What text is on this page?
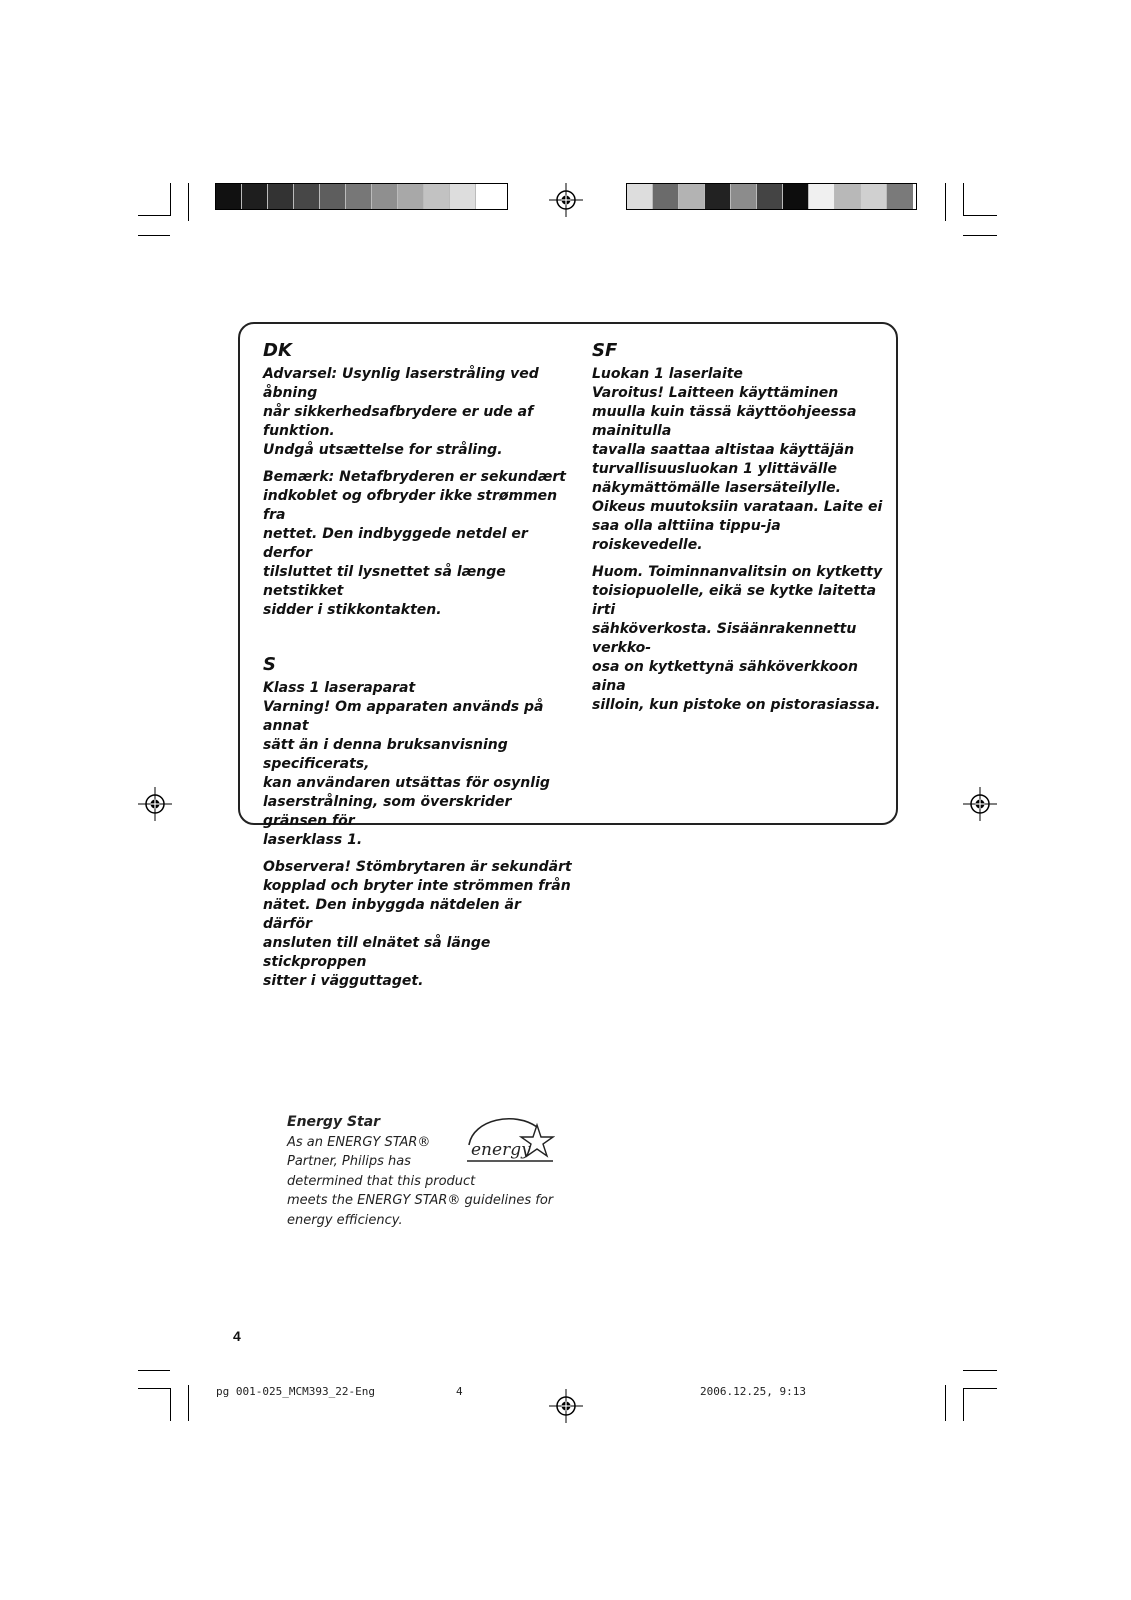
DK

Advarsel: Usynlig laserstråling ved åbning
når sikkerhedsafbrydere er ude af funktion.
Undgå utsættelse for stråling.

Bemærk: Netafbryderen er sekundært
indkoblet og ofbryder ikke strømmen fra
nettet. Den indbyggede netdel er derfor
tilsluttet til lysnettet så længe netstikket
sidder i stikkontakten.

S

Klass 1 laseraparat
Varning! Om apparaten används på annat
sätt än i denna bruksanvisning specificerats,
kan användaren utsättas för osynlig
laserstrålning, som överskrider gränsen för
laserklass 1.

Observera! Stömbrytaren är sekundärt
kopplad och bryter inte strömmen från
nätet. Den inbyggda nätdelen är därför
ansluten till elnätet så länge stickproppen
sitter i vägguttaget.

SF

Luokan 1 laserlaite
Varoitus! Laitteen käyttäminen
muulla kuin tässä käyttöohjeessa mainitulla
tavalla saattaa altistaa käyttäjän
turvallisuusluokan 1 ylittävälle
näkymättömälle lasersäteilylle.
Oikeus muutoksiin varataan. Laite ei
saa olla alttiina tippu-ja roiskevedelle.

Huom. Toiminnanvalitsin on kytketty
toisiopuolelle, eikä se kytke laitetta irti
sähköverkosta. Sisäänrakennettu verkko-
osa on kytkettynä sähköverkkoon aina
silloin, kun pistoke on pistorasiassa.

Energy Star
As an ENERGY STAR®
Partner, Philips has
determined that this product
meets the ENERGY STAR® guidelines for
energy efficiency.
energy
4
pg 001-025_MCM393_22-Eng	4	2006.12.25, 9:13
